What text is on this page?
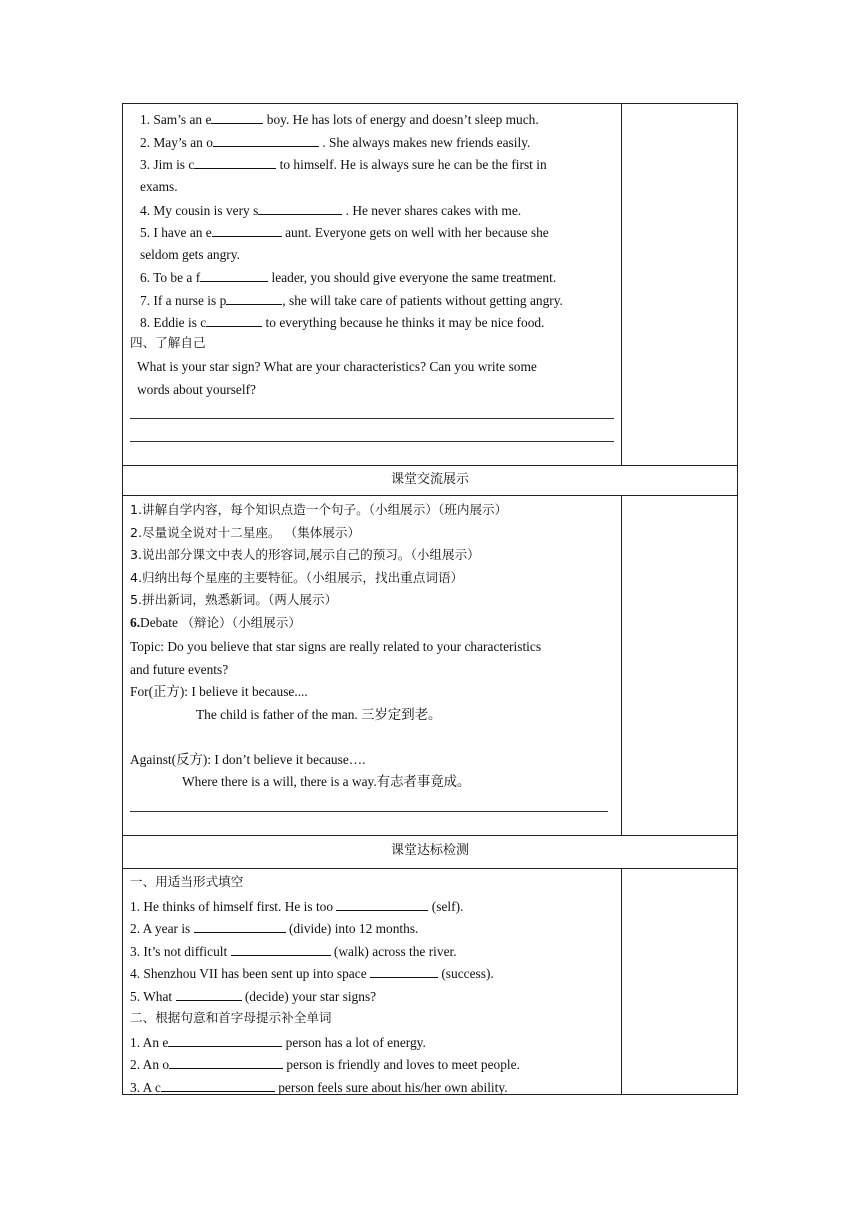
1. Sam’s an e	boy. He has lots of energy and doesn’t sleep much.
2. May’s an o	. She always makes new friends easily.
3. Jim is c	to himself. He is always sure he can be the first in
exams.
4. My cousin is very s	. He never shares cakes with me.
5. I have an e	aunt. Everyone gets on well with her because she
seldom gets angry.
6. To be a f	leader, you should give everyone the same treatment.
7. If a nurse is p	, she will take care of patients without getting angry.
8. Eddie is c	to everything because he thinks it may be nice food.
四、了解自己
What is your star sign? What are your characteristics? Can you write some
words about yourself?
课堂交流展示
1.讲解自学内容，每个知识点造一个句子。（小组展示）（班内展示）
2.尽量说全说对十二星座。 （集体展示）
3.说出部分课文中表人的形容词,展示自己的预习。（小组展示）
4.归纳出每个星座的主要特征。（小组展示，找出重点词语）
5.拼出新词，熟悉新词。（两人展示）
6.Debate （辩论）（小组展示）
Topic: Do you believe that star signs are really related to your characteristics
and future events?
For(正方): I believe it because....
The child is father of the man. 三岁定到老。
Against(反方): I don’t believe it because….
Where there is a will, there is a way.有志者事竟成。
课堂达标检测
一、用适当形式填空
1. He thinks of himself first. He is too	(self).
2. A year is	(divide) into 12 months.
3. It’s not difficult	(walk) across the river.
4. Shenzhou VII has been sent up into space	(success).
5. What	(decide) your star signs?
二、根据句意和首字母提示补全单词
1. An e	person has a lot of energy.
2. An o	person is friendly and loves to meet people.
3. A c	person feels sure about his/her own ability.
